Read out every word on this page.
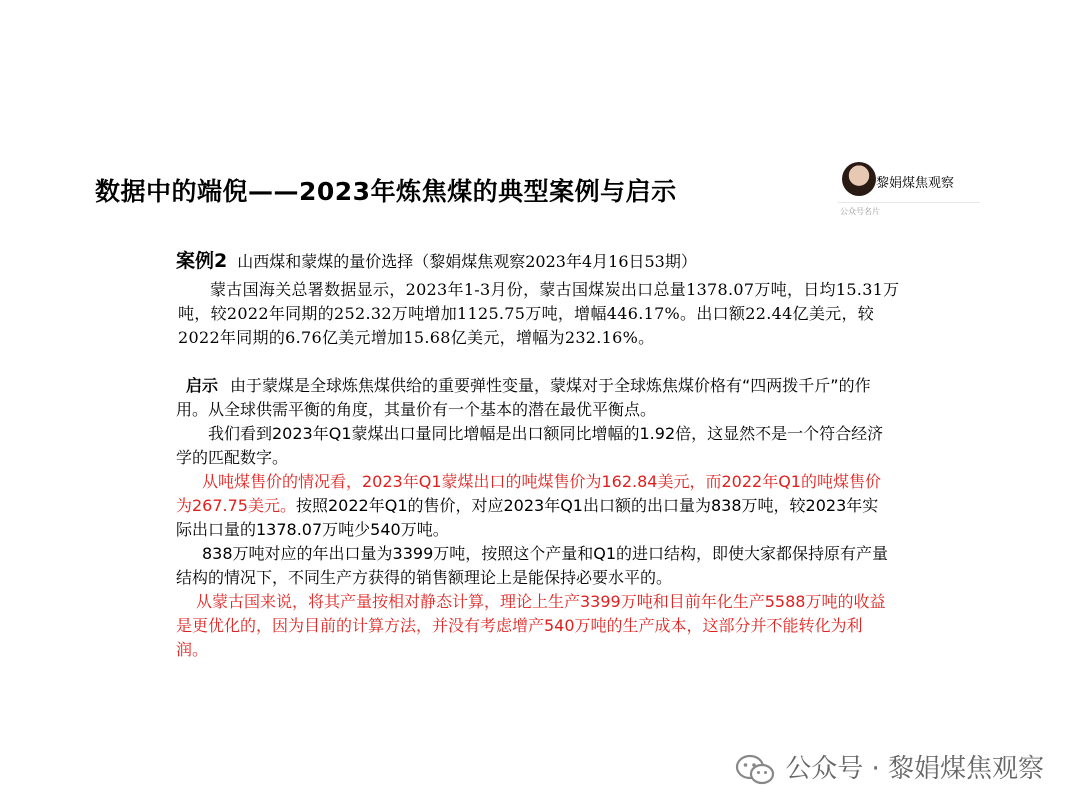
数据中的端倪——2023年炼焦煤的典型案例与启示	黎娟煤焦观察
公众号名片
案例2 山西煤和蒙煤的量价选择（黎娟煤焦观察2023年4月16日53期）
蒙古国海关总署数据显示，2023年1-3月份，蒙古国煤炭出口总量1378.07万吨，日均15.31万吨，较2022年同期的252.32万吨增加1125.75万吨，增幅446.17%。出口额22.44亿美元，较2022年同期的6.76亿美元增加15.68亿美元，增幅为232.16%。
启示 由于蒙煤是全球炼焦煤供给的重要弹性变量，蒙煤对于全球炼焦煤价格有“四两拨千斤”的作用。从全球供需平衡的角度，其量价有一个基本的潜在最优平衡点。
我们看到2023年Q1蒙煤出口量同比增幅是出口额同比增幅的1.92倍，这显然不是一个符合经济学的匹配数字。
从吨煤售价的情况看，2023年Q1蒙煤出口的吨煤售价为162.84美元，而2022年Q1的吨煤售价为267.75美元。按照2022年Q1的售价，对应2023年Q1出口额的出口量为838万吨，较2023年实际出口量的1378.07万吨少540万吨。
838万吨对应的年出口量为3399万吨，按照这个产量和Q1的进口结构，即使大家都保持原有产量结构的情况下，不同生产方获得的销售额理论上是能保持必要水平的。
从蒙古国来说，将其产量按相对静态计算，理论上生产3399万吨和目前年化生产5588万吨的收益是更优化的，因为目前的计算方法，并没有考虑增产540万吨的生产成本，这部分并不能转化为利润。
公众号 · 黎娟煤焦观察
